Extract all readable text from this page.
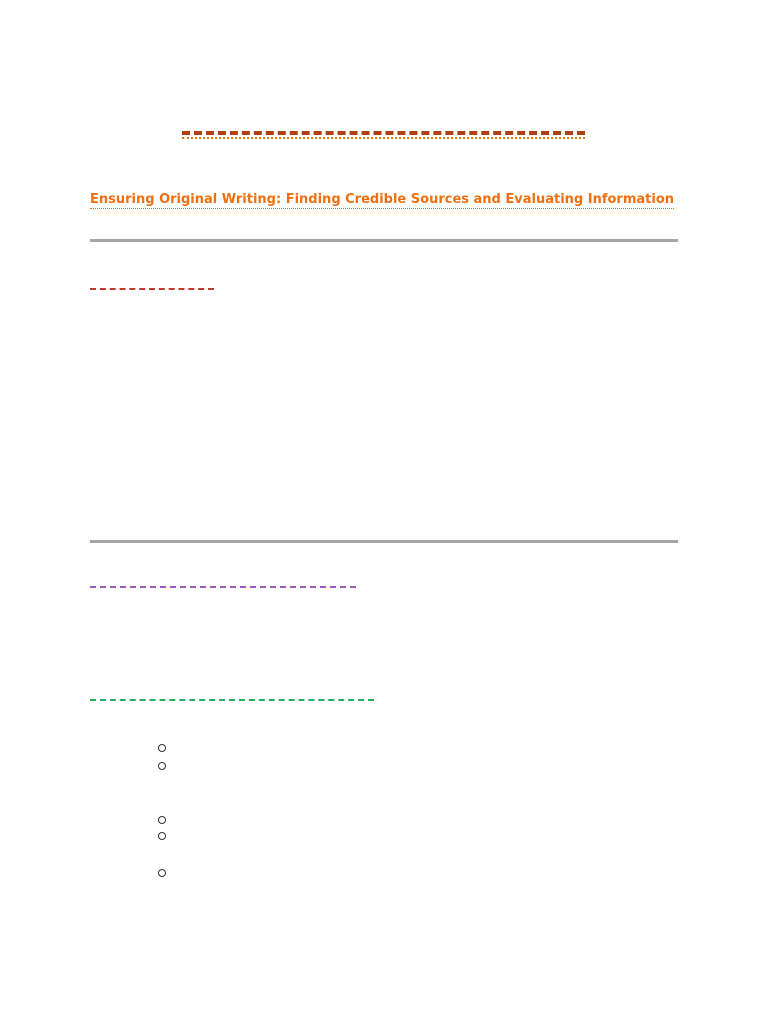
Ensuring Original Writing: Finding Credible Sources and Evaluating Information
